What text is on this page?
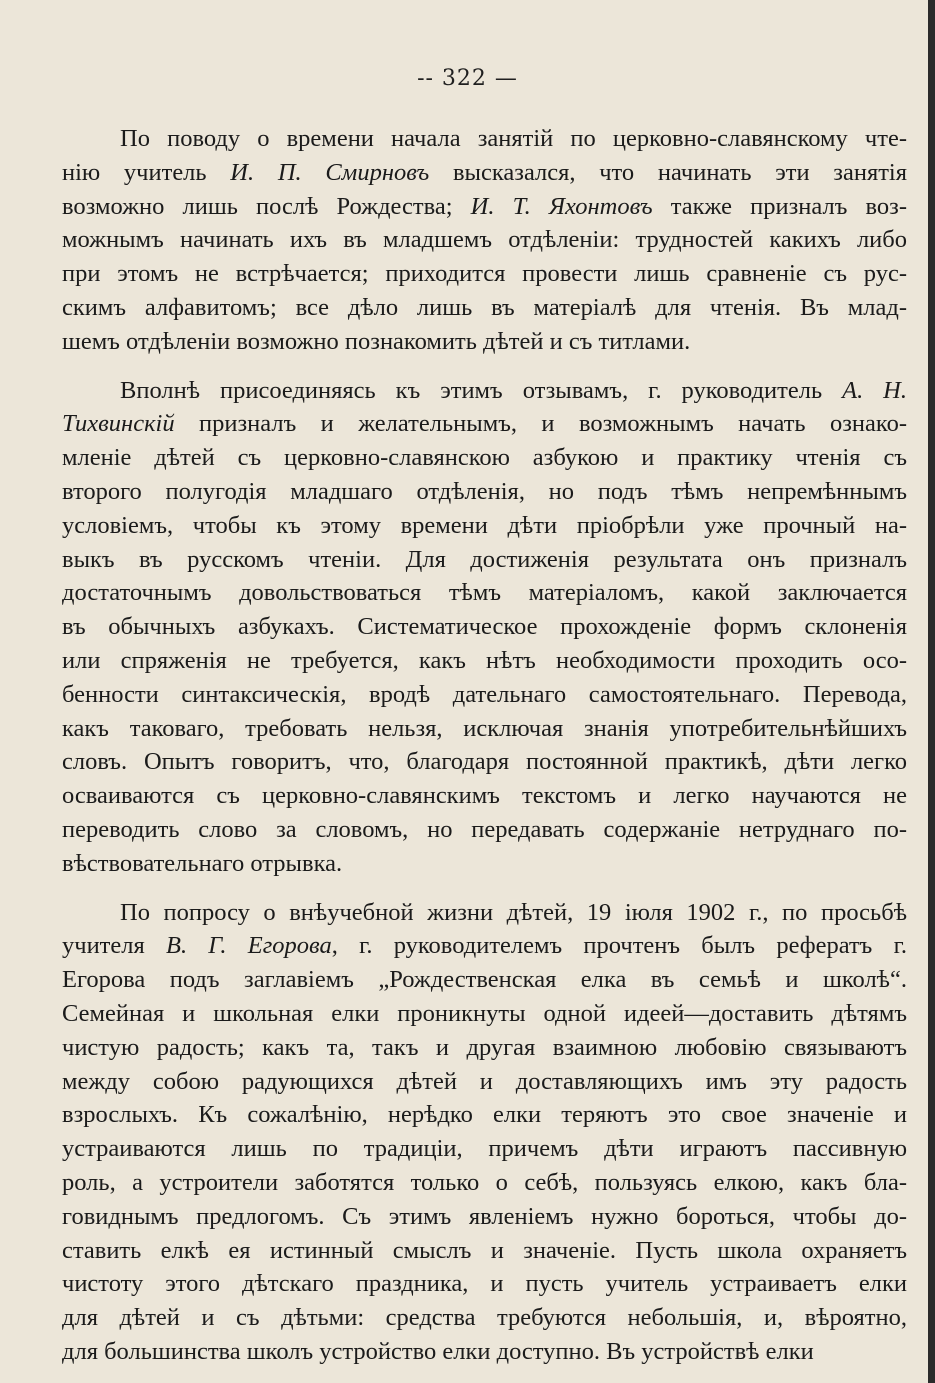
-- 322 —
По поводу о времени начала занятій по церковно-славянскому чте-
нію учитель И. П. Смирновъ высказался, что начинать эти занятія
возможно лишь послѣ Рождества; И. Т. Яхонтовъ также призналъ воз-
можнымъ начинать ихъ въ младшемъ отдѣленіи: трудностей какихъ либо
при этомъ не встрѣчается; приходится провести лишь сравненіе съ рус-
скимъ алфавитомъ; все дѣло лишь въ матеріалѣ для чтенія. Въ млад-
шемъ отдѣленіи возможно познакомить дѣтей и съ титлами.
Вполнѣ присоединяясь къ этимъ отзывамъ, г. руководитель А. Н.
Тихвинскій призналъ и желательнымъ, и возможнымъ начать ознако-
мленіе дѣтей съ церковно-славянскою азбукою и практику чтенія съ
второго полугодія младшаго отдѣленія, но подъ тѣмъ непремѣннымъ
условіемъ, чтобы къ этому времени дѣти пріобрѣли уже прочный на-
выкъ въ русскомъ чтеніи. Для достиженія результата онъ призналъ
достаточнымъ довольствоваться тѣмъ матеріаломъ, какой заключается
въ обычныхъ азбукахъ. Систематическое прохожденіе формъ склоненія
или спряженія не требуется, какъ нѣтъ необходимости проходить осо-
бенности синтаксическія, вродѣ дательнаго самостоятельнаго. Перевода,
какъ таковаго, требовать нельзя, исключая знанія употребительнѣйшихъ
словъ. Опытъ говоритъ, что, благодаря постоянной практикѣ, дѣти легко
осваиваются съ церковно-славянскимъ текстомъ и легко научаются не
переводить слово за словомъ, но передавать содержаніе нетруднаго по-
вѣствовательнаго отрывка.
По попросу о внѣучебной жизни дѣтей, 19 іюля 1902 г., по просьбѣ
учителя В. Г. Егорова, г. руководителемъ прочтенъ былъ рефератъ г.
Егорова подъ заглавіемъ „Рождественская елка въ семьѣ и школѣ“.
Семейная и школьная елки проникнуты одной идеей—доставить дѣтямъ
чистую радость; какъ та, такъ и другая взаимною любовію связываютъ
между собою радующихся дѣтей и доставляющихъ имъ эту радость
взрослыхъ. Къ сожалѣнію, нерѣдко елки теряютъ это свое значеніе и
устраиваются лишь по традиціи, причемъ дѣти играютъ пассивную
роль, а устроители заботятся только о себѣ, пользуясь елкою, какъ бла-
говиднымъ предлогомъ. Съ этимъ явленіемъ нужно бороться, чтобы до-
ставить елкѣ ея истинный смыслъ и значеніе. Пусть школа охраняетъ
чистоту этого дѣтскаго праздника, и пусть учитель устраиваетъ елки
для дѣтей и съ дѣтьми: средства требуются небольшія, и, вѣроятно,
для большинства школъ устройство елки доступно. Въ устройствѣ елки
